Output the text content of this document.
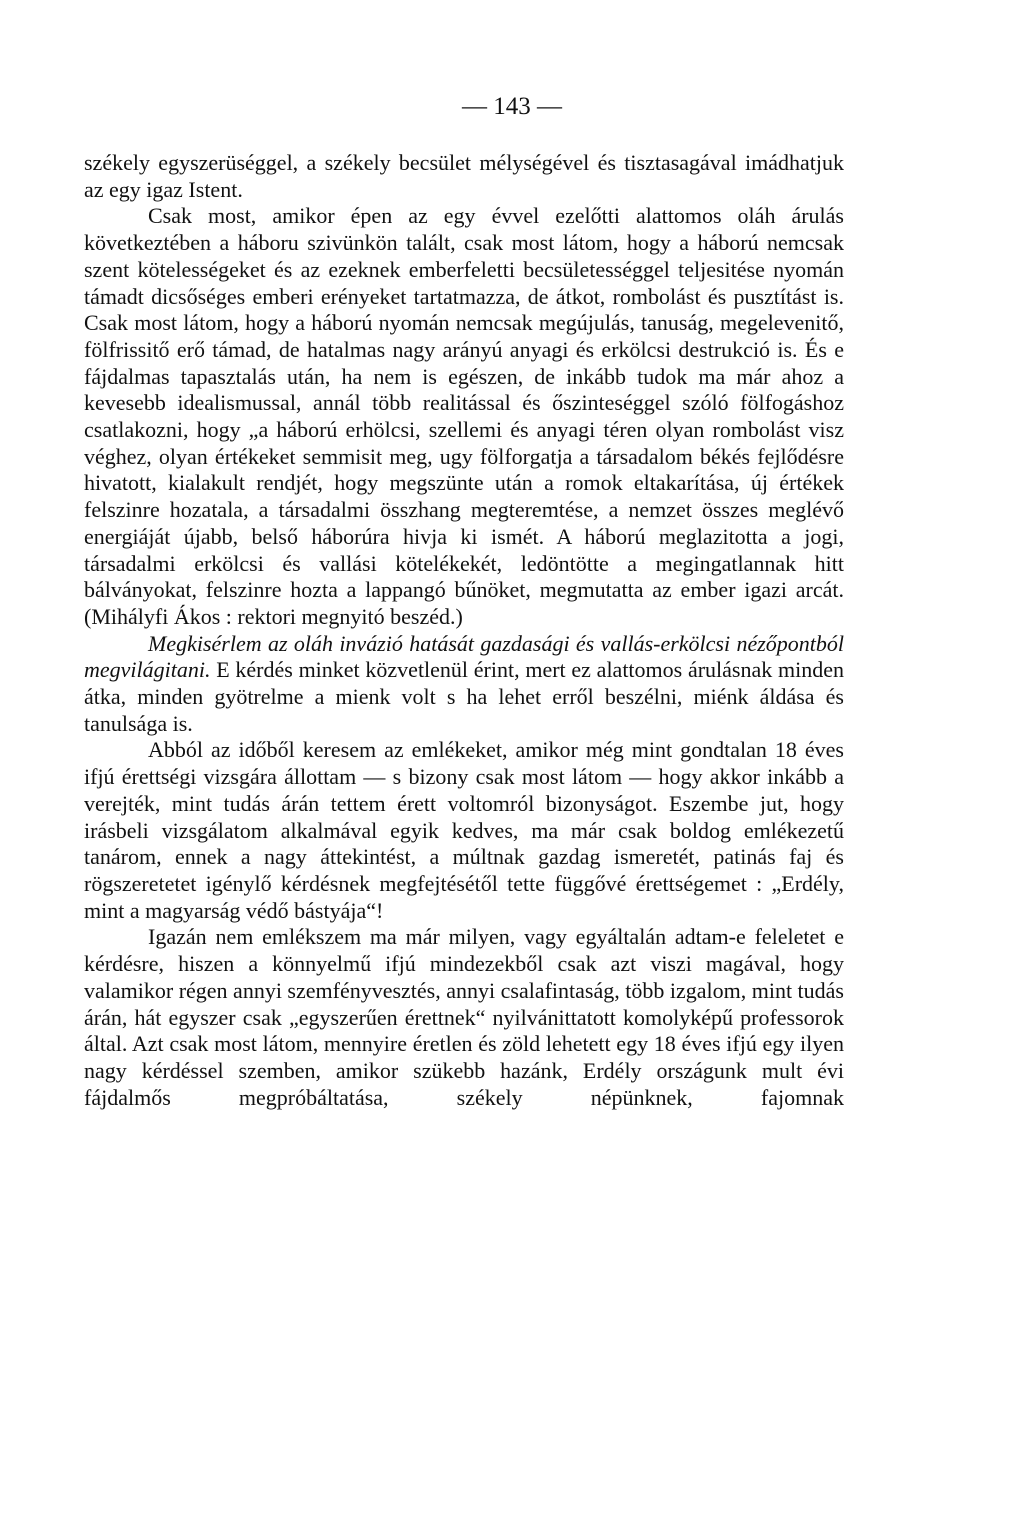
— 143 —

székely egyszerüséggel, a székely becsület mélységével és tisztasagával imádhatjuk az egy igaz Istent.

Csak most, amikor épen az egy évvel ezelőtti alattomos oláh árulás következtében a háboru szivünkön talált, csak most látom, hogy a háború nemcsak szent kötelességeket és az ezeknek emberfeletti becsületességgel teljesitése nyomán támadt dicsőséges emberi erényeket tartatmazza, de átkot, rombolást és pusztítást is. Csak most látom, hogy a háború nyomán nemcsak megújulás, tanuság, megelevenitő, fölfrissitő erő támad, de hatalmas nagy arányú anyagi és erkölcsi destrukció is. És e fájdalmas tapasztalás után, ha nem is egészen, de inkább tudok ma már ahoz a kevesebb idealismussal, annál több realitással és őszinteséggel szóló fölfogáshoz csatlakozni, hogy „a háború erhölcsi, szellemi és anyagi téren olyan rombolást visz véghez, olyan értékeket semmisit meg, ugy fölforgatja a társadalom békés fejlődésre hivatott, kialakult rendjét, hogy megszünte után a romok eltakarítása, új értékek felszinre hozatala, a társadalmi összhang megteremtése, a nemzet összes meglévő energiáját újabb, belső háborúra hivja ki ismét. A háború meglazitotta a jogi, társadalmi erkölcsi és vallási kötelékekét, ledöntötte a megingatlannak hitt bálványokat, felszinre hozta a lappangó bűnöket, megmutatta az ember igazi arcát. (Mihályfi Ákos : rektori megnyitó beszéd.)

Megkisérlem az oláh invázió hatását gazdasági és vallás-erkölcsi nézőpontból megvilágitani. E kérdés minket közvetlenül érint, mert ez alattomos árulásnak minden átka, minden gyötrelme a mienk volt s ha lehet erről beszélni, miénk áldása és tanulsága is.

Abból az időből keresem az emlékeket, amikor még mint gondtalan 18 éves ifjú érettségi vizsgára állottam — s bizony csak most látom — hogy akkor inkább a verejték, mint tudás árán tettem érett voltomról bizonyságot. Eszembe jut, hogy irásbeli vizsgálatom alkalmával egyik kedves, ma már csak boldog emlékezetű tanárom, ennek a nagy áttekintést, a múltnak gazdag ismeretét, patinás faj és rögszeretetet igénylő kérdésnek megfejtésétől tette függővé érettségemet : „Erdély, mint a magyarság védő bástyája“!

Igazán nem emlékszem ma már milyen, vagy egyáltalán adtam-e feleletet e kérdésre, hiszen a könnyelmű ifjú mindezekből csak azt viszi magával, hogy valamikor régen annyi szemfényvesztés, annyi csalafintaság, több izgalom, mint tudás árán, hát egyszer csak „egyszerűen érettnek“ nyilvánittatott komolyképű professorok által. Azt csak most látom, mennyire éretlen és zöld lehetett egy 18 éves ifjú egy ilyen nagy kérdéssel szemben, amikor szükebb hazánk, Erdély országunk mult évi fájdalmős megpróbáltatása, székely népünknek, fajomnak
